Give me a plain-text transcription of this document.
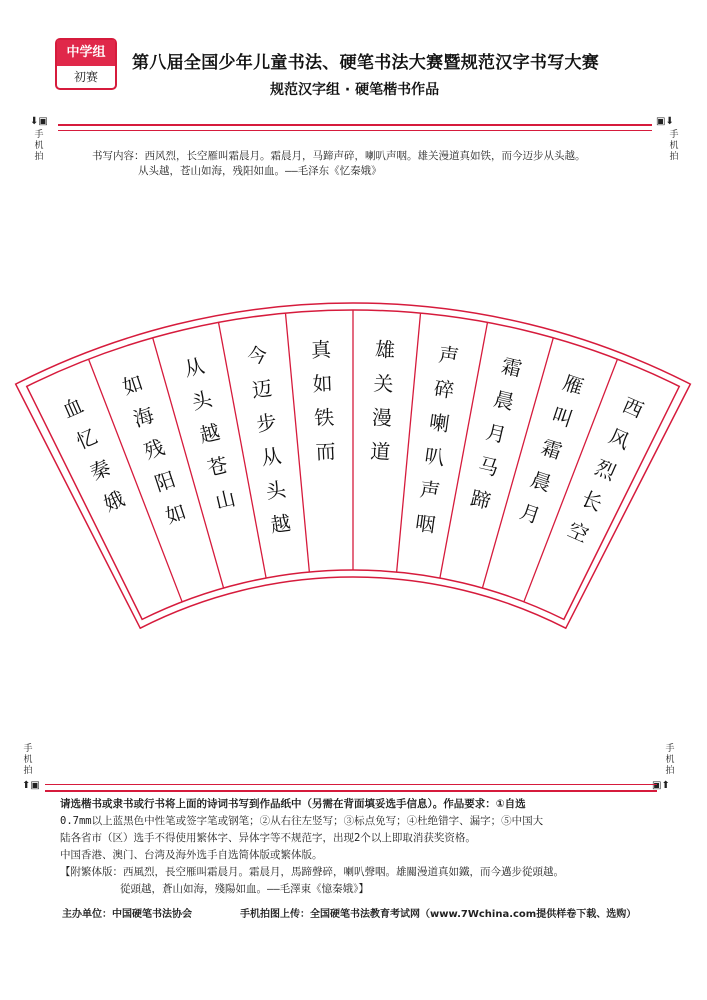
中学组
初赛
第八届全国少年儿童书法、硬笔书法大赛暨规范汉字书写大赛
规范汉字组 · 硬笔楷书作品
⬇▣
手
机
拍
▣⬇
手
机
拍
书写内容：西风烈，长空雁叫霜晨月。霜晨月，马蹄声碎，喇叭声咽。雄关漫道真如铁，而今迈步从头越。
从头越，苍山如海，残阳如血。——毛泽东《忆秦娥》
血
忆
秦
娥
如
海
残
阳
如
从
头
越
苍
山
今
迈
步
从
头
越
真
如
铁
而
雄
关
漫
道
声
碎
喇
叭
声
咽
霜
晨
月
马
蹄
雁
叫
霜
晨
月
西
风
烈
长
空
手
机
拍
⬆▣
手
机
拍
▣⬆
请选楷书或隶书或行书将上面的诗词书写到作品纸中（另需在背面填妥选手信息）。作品要求：①自选
0.7mm以上蓝黑色中性笔或签字笔或钢笔；②从右往左竖写；③标点免写；④杜绝错字、漏字；⑤中国大
陆各省市（区）选手不得使用繁体字、异体字等不规范字，出现2个以上即取消获奖资格。
中国香港、澳门、台湾及海外选手自选简体版或繁体版。
【附繁体版：西風烈，長空雁叫霜晨月。霜晨月，馬蹄聲碎，喇叭聲咽。雄關漫道真如鐵，而今邁步從頭越。
從頭越，蒼山如海，殘陽如血。——毛澤東《憶秦娥》】
主办单位：中国硬笔书法协会	手机拍图上传：全国硬笔书法教育考试网（www.7Wchina.com提供样卷下载、选购）
